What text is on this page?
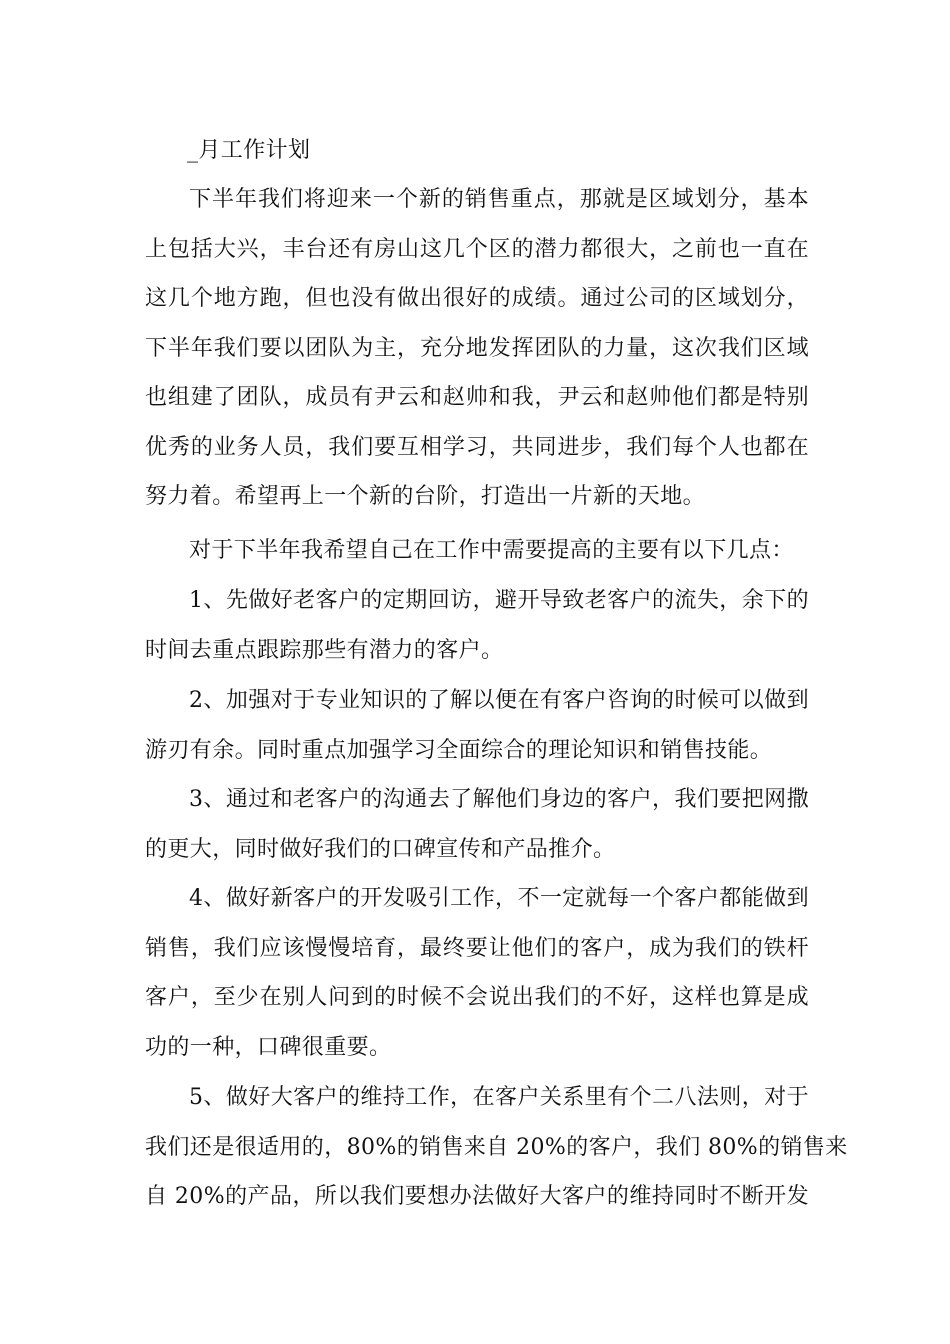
_月工作计划
下半年我们将迎来一个新的销售重点，那就是区域划分，基本
上包括大兴，丰台还有房山这几个区的潜力都很大，之前也一直在
这几个地方跑，但也没有做出很好的成绩。通过公司的区域划分，
下半年我们要以团队为主，充分地发挥团队的力量，这次我们区域
也组建了团队，成员有尹云和赵帅和我，尹云和赵帅他们都是特别
优秀的业务人员，我们要互相学习，共同进步，我们每个人也都在
努力着。希望再上一个新的台阶，打造出一片新的天地。
对于下半年我希望自己在工作中需要提高的主要有以下几点：
1、先做好老客户的定期回访，避开导致老客户的流失，余下的
时间去重点跟踪那些有潜力的客户。
2、加强对于专业知识的了解以便在有客户咨询的时候可以做到
游刃有余。同时重点加强学习全面综合的理论知识和销售技能。
3、通过和老客户的沟通去了解他们身边的客户，我们要把网撒
的更大，同时做好我们的口碑宣传和产品推介。
4、做好新客户的开发吸引工作，不一定就每一个客户都能做到
销售，我们应该慢慢培育，最终要让他们的客户，成为我们的铁杆
客户，至少在别人问到的时候不会说出我们的不好，这样也算是成
功的一种，口碑很重要。
5、做好大客户的维持工作，在客户关系里有个二八法则，对于
我们还是很适用的，80%的销售来自 20%的客户，我们 80%的销售来
自 20%的产品，所以我们要想办法做好大客户的维持同时不断开发
